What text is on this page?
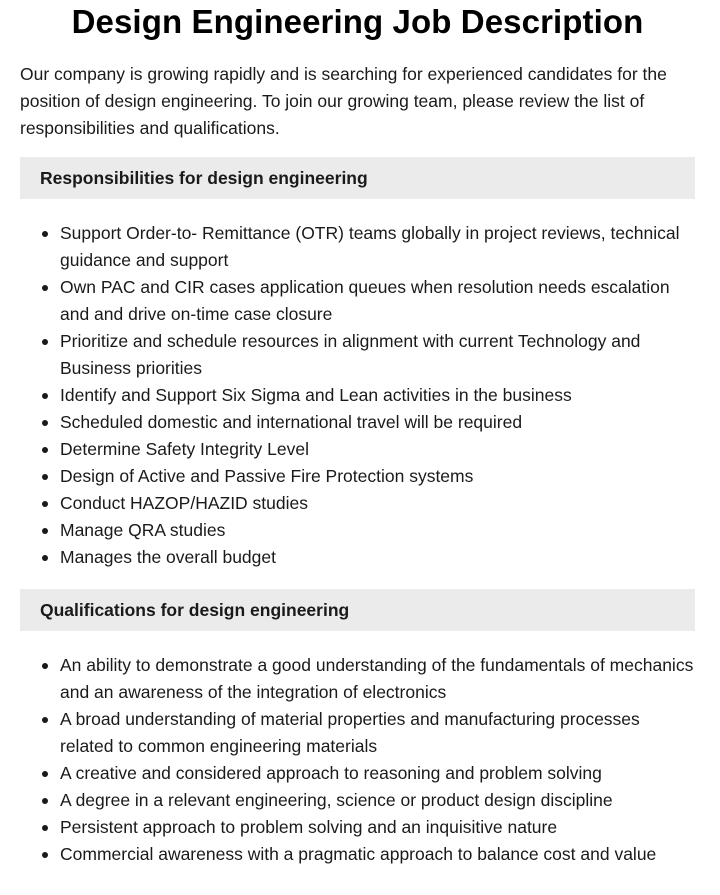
Design Engineering Job Description

Our company is growing rapidly and is searching for experienced candidates for the position of design engineering. To join our growing team, please review the list of responsibilities and qualifications.

Responsibilities for design engineering
Support Order-to- Remittance (OTR) teams globally in project reviews, technical guidance and support
Own PAC and CIR cases application queues when resolution needs escalation and and drive on-time case closure
Prioritize and schedule resources in alignment with current Technology and Business priorities
Identify and Support Six Sigma and Lean activities in the business
Scheduled domestic and international travel will be required
Determine Safety Integrity Level
Design of Active and Passive Fire Protection systems
Conduct HAZOP/HAZID studies
Manage QRA studies
Manages the overall budget
Qualifications for design engineering
An ability to demonstrate a good understanding of the fundamentals of mechanics and an awareness of the integration of electronics
A broad understanding of material properties and manufacturing processes related to common engineering materials
A creative and considered approach to reasoning and problem solving
A degree in a relevant engineering, science or product design discipline
Persistent approach to problem solving and an inquisitive nature
Commercial awareness with a pragmatic approach to balance cost and value
